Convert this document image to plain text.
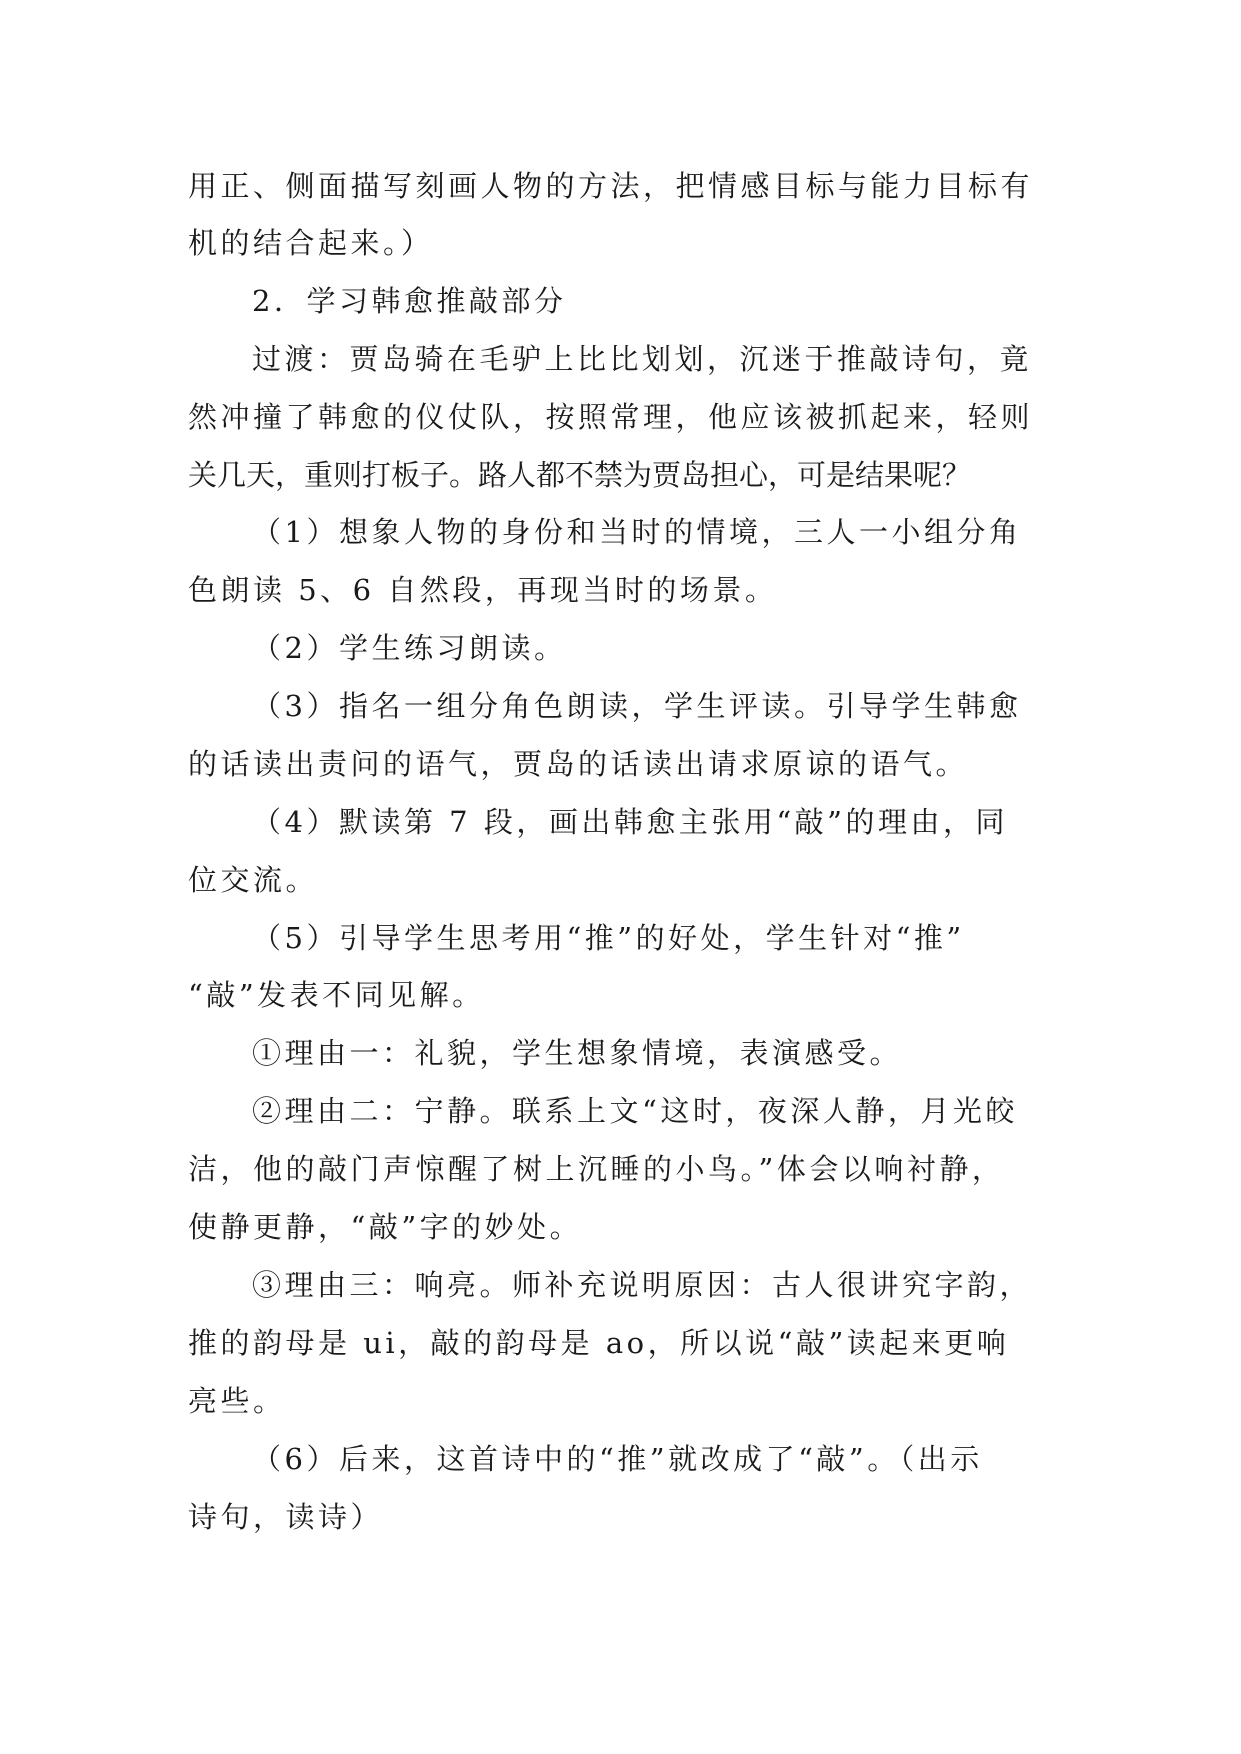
用正、侧面描写刻画人物的方法，把情感目标与能力目标有
机的结合起来。）
2．学习韩愈推敲部分
过渡：贾岛骑在毛驴上比比划划，沉迷于推敲诗句，竟
然冲撞了韩愈的仪仗队，按照常理，他应该被抓起来，轻则
关几天，重则打板子。路人都不禁为贾岛担心，可是结果呢？
（1）想象人物的身份和当时的情境，三人一小组分角
色朗读 5、6 自然段，再现当时的场景。
（2）学生练习朗读。
（3）指名一组分角色朗读，学生评读。引导学生韩愈
的话读出责问的语气，贾岛的话读出请求原谅的语气。
（4）默读第 7 段，画出韩愈主张用“敲”的理由，同
位交流。
（5）引导学生思考用“推”的好处，学生针对“推”
“敲”发表不同见解。
①理由一：礼貌，学生想象情境，表演感受。
②理由二：宁静。联系上文“这时，夜深人静，月光皎
洁，他的敲门声惊醒了树上沉睡的小鸟。”体会以响衬静，
使静更静，“敲”字的妙处。
③理由三：响亮。师补充说明原因：古人很讲究字韵，
推的韵母是 ui，敲的韵母是 ao，所以说“敲”读起来更响
亮些。
（6）后来，这首诗中的“推”就改成了“敲”。（出示
诗句，读诗）
